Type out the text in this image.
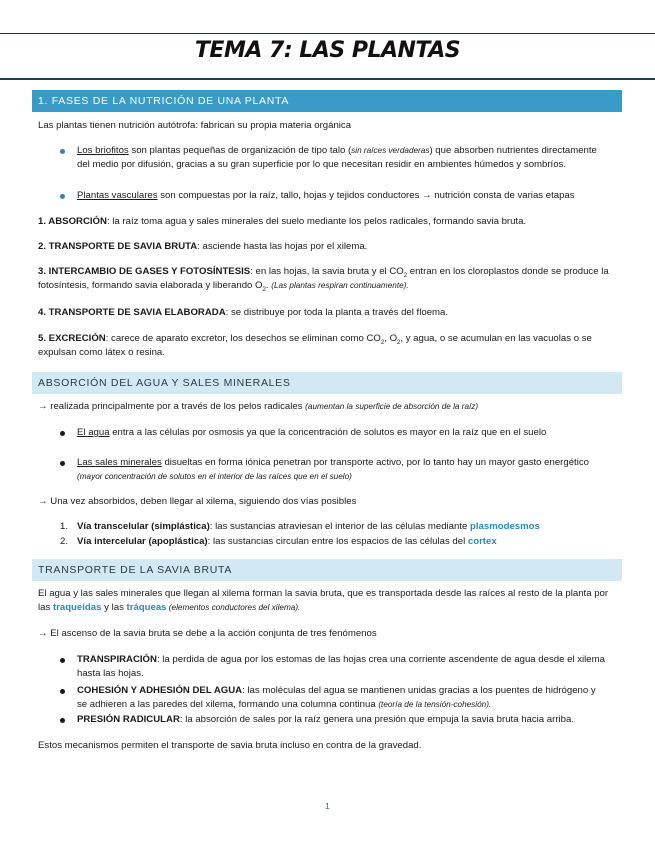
TEMA 7: LAS PLANTAS
1. FASES DE LA NUTRICIÓN DE UNA PLANTA
Las plantas tienen nutrición autótrofa: fabrican su propia materia orgánica
Los briofitos son plantas pequeñas de organización de tipo talo (sin raíces verdaderas) que absorben nutrientes directamente del medio por difusión, gracias a su gran superficie por lo que necesitan residir en ambientes húmedos y sombríos.
Plantas vasculares son compuestas por la raíz, tallo, hojas y tejidos conductores → nutrición consta de varias etapas
1. ABSORCIÓN: la raíz toma agua y sales minerales del suelo mediante los pelos radicales, formando savia bruta.
2. TRANSPORTE DE SAVIA BRUTA: asciende hasta las hojas por el xilema.
3. INTERCAMBIO DE GASES Y FOTOSÍNTESIS: en las hojas, la savia bruta y el $CO_2$ entran en los cloroplastos donde se produce la fotosíntesis, formando savia elaborada y liberando $O_2$. (Las plantas respiran continuamente).
4. TRANSPORTE DE SAVIA ELABORADA: se distribuye por toda la planta a través del floema.
5. EXCRECIÓN: carece de aparato excretor, los desechos se eliminan como $CO_2$, $O_2$, y agua, o se acumulan en las vacuolas o se expulsan como látex o resina.
ABSORCIÓN DEL AGUA Y SALES MINERALES
→ realizada principalmente por a través de los pelos radicales (aumentan la superficie de absorción de la raíz)
El agua entra a las células por osmosis ya que la concentración de solutos es mayor en la raíz que en el suelo
Las sales minerales disueltas en forma iónica penetran por transporte activo, por lo tanto hay un mayor gasto energético
(mayor concentración de solutos en el interior de las raíces que en el suelo)
→ Una vez absorbidos, deben llegar al xilema, siguiendo dos vías posibles
1. Vía transcelular (simplástica): las sustancias atraviesan el interior de las células mediante plasmodesmos
2. Vía intercelular (apoplástica): las sustancias circulan entre los espacios de las células del cortex
TRANSPORTE DE LA SAVIA BRUTA
El agua y las sales minerales que llegan al xilema forman la savia bruta, que es transportada desde las raíces al resto de la planta por las traqueidas y las tráqueas (elementos conductores del xilema).
→ El ascenso de la savia bruta se debe a la acción conjunta de tres fenómenos
TRANSPIRACIÓN: la perdida de agua por los estomas de las hojas crea una corriente ascendente de agua desde el xilema hasta las hojas.
COHESIÓN Y ADHESIÓN DEL AGUA: las moléculas del agua se mantienen unidas gracias a los puentes de hidrógeno y se adhieren a las paredes del xilema, formando una columna continua (teoría de la tensión-cohesión).
PRESIÓN RADICULAR: la absorción de sales por la raíz genera una presión que empuja la savia bruta hacia arriba.
Estos mecanismos permiten el transporte de savia bruta incluso en contra de la gravedad.
1
